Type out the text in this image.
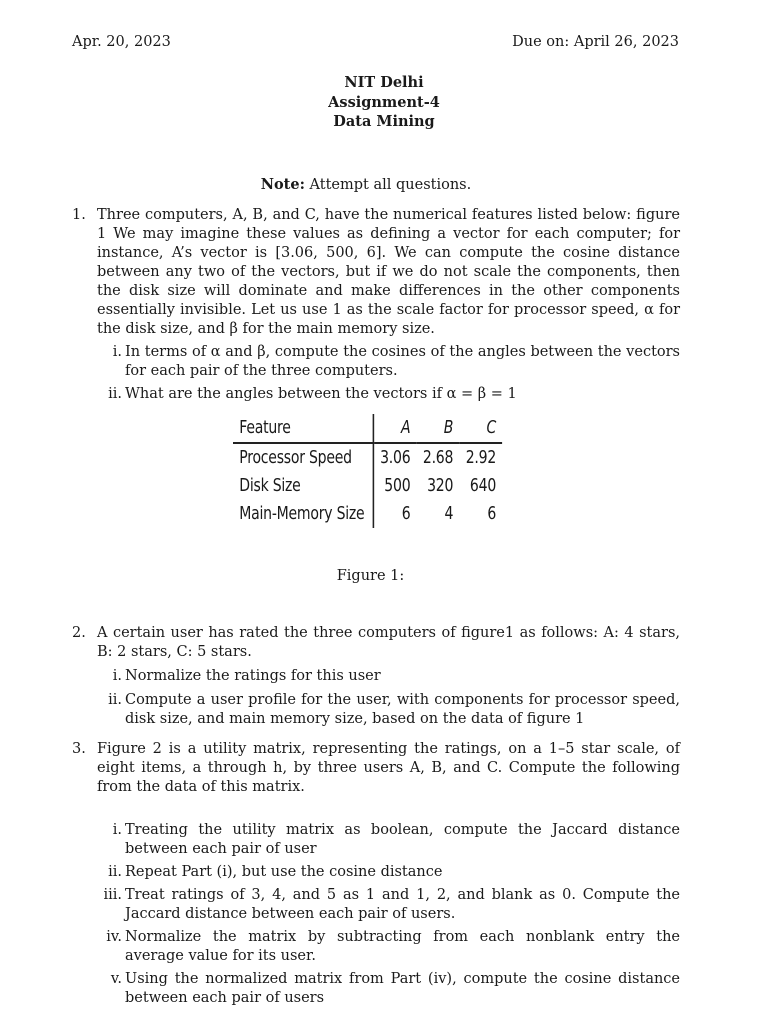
Apr. 20, 2023	Due on: April 26, 2023
NIT Delhi
Assignment-4
Data Mining
Note: Attempt all questions.
1. Three computers, A, B, and C, have the numerical features listed below: figure 1 We may imagine these values as defining a vector for each computer; for instance, A’s vector is [3.06, 500, 6]. We can compute the cosine distance between any two of the vectors, but if we do not scale the components, then the disk size will dominate and make differences in the other components essentially invisible. Let us use 1 as the scale factor for processor speed, α for the disk size, and β for the main memory size.
i. In terms of α and β, compute the cosines of the angles between the vectors for each pair of the three computers.
ii. What are the angles between the vectors if α = β = 1
Feature	A	B	C
Processor Speed	3.06	2.68	2.92
Disk Size	500	320	640
Main-Memory Size	6	4	6
Figure 1:
2. A certain user has rated the three computers of figure1 as follows: A: 4 stars, B: 2 stars, C: 5 stars.
i. Normalize the ratings for this user
ii. Compute a user profile for the user, with components for processor speed, disk size, and main memory size, based on the data of figure 1
3. Figure 2 is a utility matrix, representing the ratings, on a 1–5 star scale, of eight items, a through h, by three users A, B, and C. Compute the following from the data of this matrix.
i. Treating the utility matrix as boolean, compute the Jaccard distance between each pair of user
ii. Repeat Part (i), but use the cosine distance
iii. Treat ratings of 3, 4, and 5 as 1 and 1, 2, and blank as 0. Compute the Jaccard distance between each pair of users.
iv. Normalize the matrix by subtracting from each nonblank entry the average value for its user.
v. Using the normalized matrix from Part (iv), compute the cosine distance between each pair of users
